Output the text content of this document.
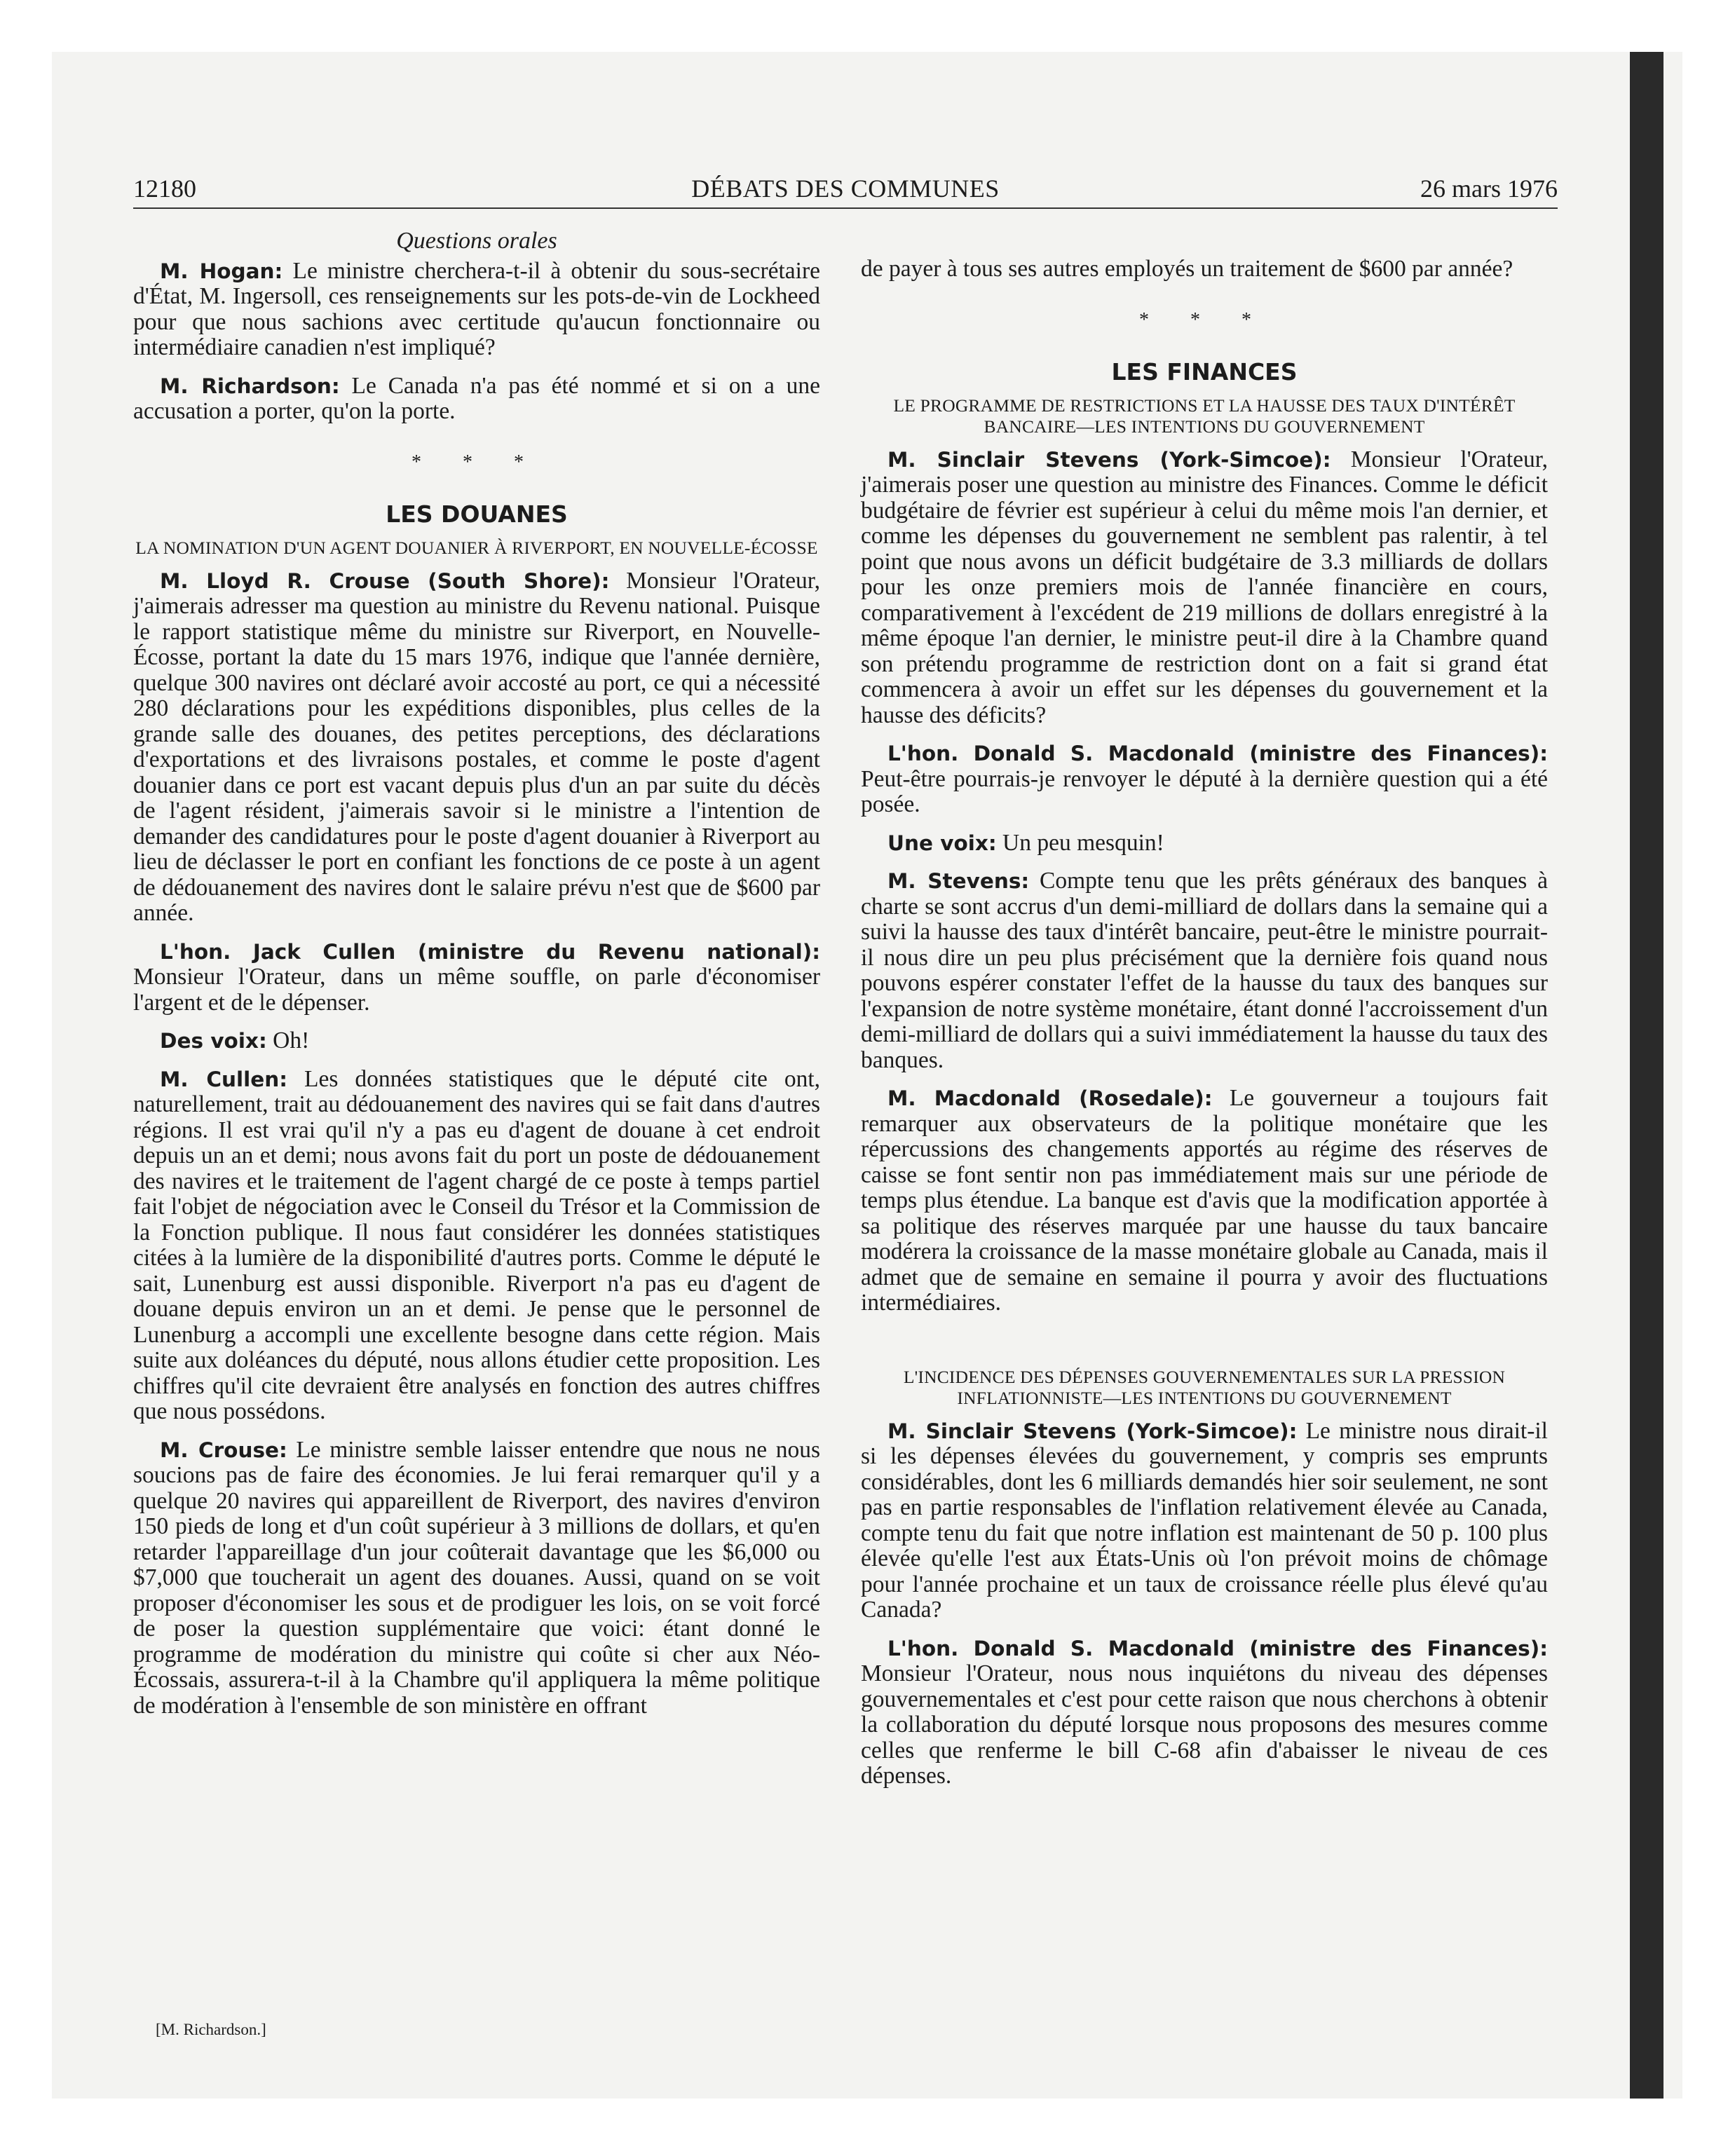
12180	DÉBATS DES COMMUNES	26 mars 1976
Questions orales

M. Hogan: Le ministre cherchera-t-il à obtenir du sous-secrétaire d'État, M. Ingersoll, ces renseignements sur les pots-de-vin de Lockheed pour que nous sachions avec certitude qu'aucun fonctionnaire ou intermédiaire canadien n'est impliqué?

M. Richardson: Le Canada n'a pas été nommé et si on a une accusation a porter, qu'on la porte.

* * *
LES DOUANES
LA NOMINATION D'UN AGENT DOUANIER À RIVERPORT, EN NOUVELLE-ÉCOSSE

M. Lloyd R. Crouse (South Shore): Monsieur l'Orateur, j'aimerais adresser ma question au ministre du Revenu national. Puisque le rapport statistique même du ministre sur Riverport, en Nouvelle-Écosse, portant la date du 15 mars 1976, indique que l'année dernière, quelque 300 navires ont déclaré avoir accosté au port, ce qui a nécessité 280 déclarations pour les expéditions disponibles, plus celles de la grande salle des douanes, des petites perceptions, des déclarations d'exportations et des livraisons postales, et comme le poste d'agent douanier dans ce port est vacant depuis plus d'un an par suite du décès de l'agent résident, j'aimerais savoir si le ministre a l'intention de demander des candidatures pour le poste d'agent douanier à Riverport au lieu de déclasser le port en confiant les fonctions de ce poste à un agent de dédouanement des navires dont le salaire prévu n'est que de $600 par année.

L'hon. Jack Cullen (ministre du Revenu national): Monsieur l'Orateur, dans un même souffle, on parle d'économiser l'argent et de le dépenser.

Des voix: Oh!

M. Cullen: Les données statistiques que le député cite ont, naturellement, trait au dédouanement des navires qui se fait dans d'autres régions. Il est vrai qu'il n'y a pas eu d'agent de douane à cet endroit depuis un an et demi; nous avons fait du port un poste de dédouanement des navires et le traitement de l'agent chargé de ce poste à temps partiel fait l'objet de négociation avec le Conseil du Trésor et la Commission de la Fonction publique. Il nous faut considérer les données statistiques citées à la lumière de la disponibilité d'autres ports. Comme le député le sait, Lunenburg est aussi disponible. Riverport n'a pas eu d'agent de douane depuis environ un an et demi. Je pense que le personnel de Lunenburg a accompli une excellente besogne dans cette région. Mais suite aux doléances du député, nous allons étudier cette proposition. Les chiffres qu'il cite devraient être analysés en fonction des autres chiffres que nous possédons.

M. Crouse: Le ministre semble laisser entendre que nous ne nous soucions pas de faire des économies. Je lui ferai remarquer qu'il y a quelque 20 navires qui appareillent de Riverport, des navires d'environ 150 pieds de long et d'un coût supérieur à 3 millions de dollars, et qu'en retarder l'appareillage d'un jour coûterait davantage que les $6,000 ou $7,000 que toucherait un agent des douanes. Aussi, quand on se voit proposer d'économiser les sous et de prodiguer les lois, on se voit forcé de poser la question supplémentaire que voici: étant donné le programme de modération du ministre qui coûte si cher aux Néo-Écossais, assurera-t-il à la Chambre qu'il appliquera la même politique de modération à l'ensemble de son ministère en offrant

[M. Richardson.]

de payer à tous ses autres employés un traitement de $600 par année?

* * *
LES FINANCES
LE PROGRAMME DE RESTRICTIONS ET LA HAUSSE DES TAUX D'INTÉRÊT BANCAIRE—LES INTENTIONS DU GOUVERNEMENT

M. Sinclair Stevens (York-Simcoe): Monsieur l'Orateur, j'aimerais poser une question au ministre des Finances. Comme le déficit budgétaire de février est supérieur à celui du même mois l'an dernier, et comme les dépenses du gouvernement ne semblent pas ralentir, à tel point que nous avons un déficit budgétaire de 3.3 milliards de dollars pour les onze premiers mois de l'année financière en cours, comparativement à l'excédent de 219 millions de dollars enregistré à la même époque l'an dernier, le ministre peut-il dire à la Chambre quand son prétendu programme de restriction dont on a fait si grand état commencera à avoir un effet sur les dépenses du gouvernement et la hausse des déficits?

L'hon. Donald S. Macdonald (ministre des Finances): Peut-être pourrais-je renvoyer le député à la dernière question qui a été posée.

Une voix: Un peu mesquin!

M. Stevens: Compte tenu que les prêts généraux des banques à charte se sont accrus d'un demi-milliard de dollars dans la semaine qui a suivi la hausse des taux d'intérêt bancaire, peut-être le ministre pourrait-il nous dire un peu plus précisément que la dernière fois quand nous pouvons espérer constater l'effet de la hausse du taux des banques sur l'expansion de notre système monétaire, étant donné l'accroissement d'un demi-milliard de dollars qui a suivi immédiatement la hausse du taux des banques.

M. Macdonald (Rosedale): Le gouverneur a toujours fait remarquer aux observateurs de la politique monétaire que les répercussions des changements apportés au régime des réserves de caisse se font sentir non pas immédiatement mais sur une période de temps plus étendue. La banque est d'avis que la modification apportée à sa politique des réserves marquée par une hausse du taux bancaire modérera la croissance de la masse monétaire globale au Canada, mais il admet que de semaine en semaine il pourra y avoir des fluctuations intermédiaires.

L'INCIDENCE DES DÉPENSES GOUVERNEMENTALES SUR LA PRESSION INFLATIONNISTE—LES INTENTIONS DU GOUVERNEMENT

M. Sinclair Stevens (York-Simcoe): Le ministre nous dirait-il si les dépenses élevées du gouvernement, y compris ses emprunts considérables, dont les 6 milliards demandés hier soir seulement, ne sont pas en partie responsables de l'inflation relativement élevée au Canada, compte tenu du fait que notre inflation est maintenant de 50 p. 100 plus élevée qu'elle l'est aux États-Unis où l'on prévoit moins de chômage pour l'année prochaine et un taux de croissance réelle plus élevé qu'au Canada?

L'hon. Donald S. Macdonald (ministre des Finances): Monsieur l'Orateur, nous nous inquiétons du niveau des dépenses gouvernementales et c'est pour cette raison que nous cherchons à obtenir la collaboration du député lorsque nous proposons des mesures comme celles que renferme le bill C-68 afin d'abaisser le niveau de ces dépenses.
